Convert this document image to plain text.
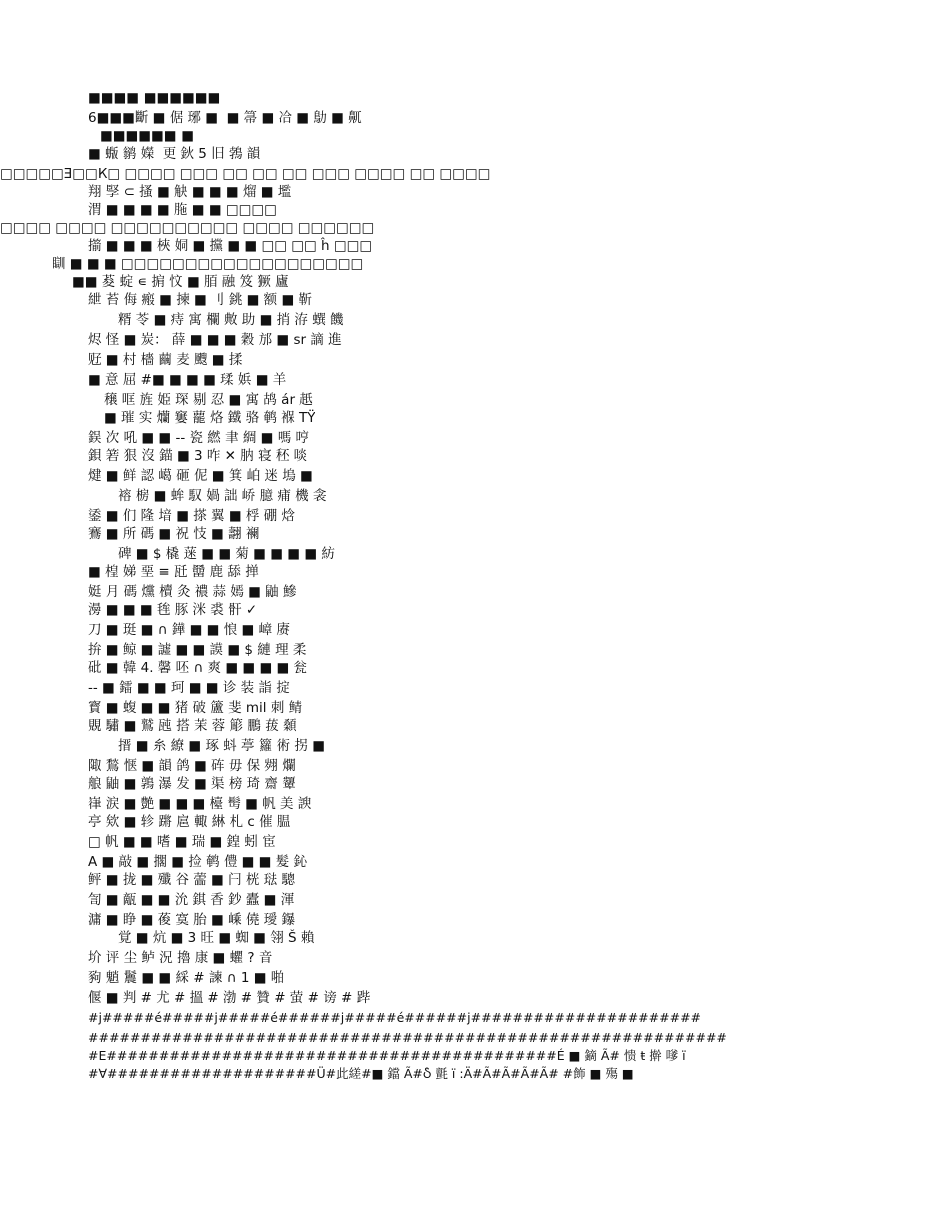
■■■■ ■■■■■■
6■■■斷 ■ 倨 琊 ■  ■ 箒 ■ 冾 ■ 鳨 ■ 鼿
■■■■■■ ■
■ 蝂 鹟 嬫  更 鈥 5 旧 鵓 韻
□□□□□Ǝ□□К□ □□□□ □□□ □□ □□ □□ □□□ □□□□ □□ □□□□
翔 孯 ⊂ 搔 ■ 觖 ■ ■ ■ 熘 ■ 壏
渭 ■ ■ ■ ■ 胣 ■ ■ □□□□
□□□□ □□□□ □□□□□□□□□□ □□□□ □□□□□□
擶 ■ ■ ■ 梜 姛 ■ 攩 ■ ■ □□ □□ ĥ □□□
瞓 ■ ■ ■ □□□□□□□□□□□□□□□□□□□
■■ 荾 蝊 ∊ 掮 忟 ■ 脜 融 笈 獗 廬
紲 苔 侮 瘢 ■ 揀 ■ 刂 銚 ■ 额 ■ 靳
糈 苓 ■ 痔 寓 欄 敟 助 ■ 捎 洊 蟤 饑
烬 怪 ■ 炭： 薛 ■ ■ ■ 穀 邡 ■ sr 謫 進
觃 ■ 村 檣 繭 麦 颼 ■ 揉
■ 意 屈 #■ ■ ■ ■ 瑈 娦 ■ 羊
穣 哐 旌 姫 琛 剔 忍 ■ 寓 鸪 ár 赿
■ 璀 实 爤 窶 藣 烙 鐵 骆 鹌 褓 TŸ
鋘 次 吼 ■ ■ -- 瓷 繎 聿 綢 ■ 嗎 哼
鋇 箬 狠 沒 錨 ■ 3 咋 ✕ 肭 寝 秠 啖
煡 ■ 鲜 認 嶱 砸 伲 ■ 箕 岶 迷 塢 ■
褣 椖 ■ 蛑 馭 媧 詘 峤 臆 痡 機 衾
鋈 ■ 们 隆 堷 ■ 搽 翼 ■ 桴 硼 焓
鶱 ■ 所 碼 ■ 祝 忮 ■ 翿 襕
碑 ■ $ 橇 蒾 ■ ■ 菊 ■ ■ ■ ■ 紡
■ 楻 娣 堊 ≡ 瓩 羀 鹿 舔 掸
娗 月 碼 爣 櫝 灸 禯 蒜 嫣 ■ 鼬 鰺
澷 ■ ■ ■ 毪 豚 洣 裘 骭 ✓
刀 ■ 珽 ■ ∩ 鏵 ■ ■ 悢 ■ 嶂 赓
拚 ■ 鲸 ■ 譃 ■ ■ 謨 ■ $ 縺 理 柔
砒 ■ 韓 4. 馨 呸 ∩ 爽 ■ ■ ■ ■ 瓮
-- ■ 鐳 ■ ■ 珂 ■ ■ 诊 装 詣 掟
寳 ■ 蝮 ■ ■ 猪 破 籚 斐 mil 刺 鲭
覞 驌 ■ 鷲 瓲 搭 茉 蓉 簓 鵬 菝 顙
搢 ■ 糸 繚 ■ 琢 蚪 葶 籮 術 拐 ■
陬 鶖 惬 ■ 韻 鸽 ■ 砗 毋 保 翙 爛
艆 鼬 ■ 鶉 瀑 发 ■ 渠 榜 琦 齋 顰
嵂 涙 ■ 艶 ■ ■ ■ 檯 髩 ■ 帆 美 諛
亭 欸 ■ 轸 蹡 扈 輙 綝 札 c 催 腽
□ 帆 ■ ■ 嗜 ■ 瑞 ■ 鍠 蚓 宦
A ■ 敲 ■ 擱 ■ 捡 鹌 僼 ■ ■ 髮 鈊
鲆 ■ 拢 ■ 殲 谷 蘦 ■ 闩 桄 琺 驄
訇 ■ 甋 ■ ■ 沇 錤 香 鈔 蠹 ■ 渾
滽 ■ 睁 ■ 葰 寞 胎 ■ 嵊 僥 璦 鑤
覚 ■ 炕 ■ 3 旺 ■ 蜘 ■ 翎 Š 賴
圿 评 尘 鲈 況 擼 康 ■ 蠷 ? 音
豞 魈 鬞 ■ ■ 綵 # 諫 ∩ 1 ■ 啪
偃 ■ 判 # 尤 # 搵 # 渤 # 贊 # 萤 # 谤 # 跸
#j#####é#####j#####é######j#####é######j######################
#############################################################
#E###########################################É ■ 鏑 Ã# 愦 ŧ 擀 嗲 ї
#∀####################Ü#此縒#■ 鐺 Ã#Ⴢ 氈 ï :Ä#Ã#Ã#Ã#Ã# #飾 ■ 殤 ■
